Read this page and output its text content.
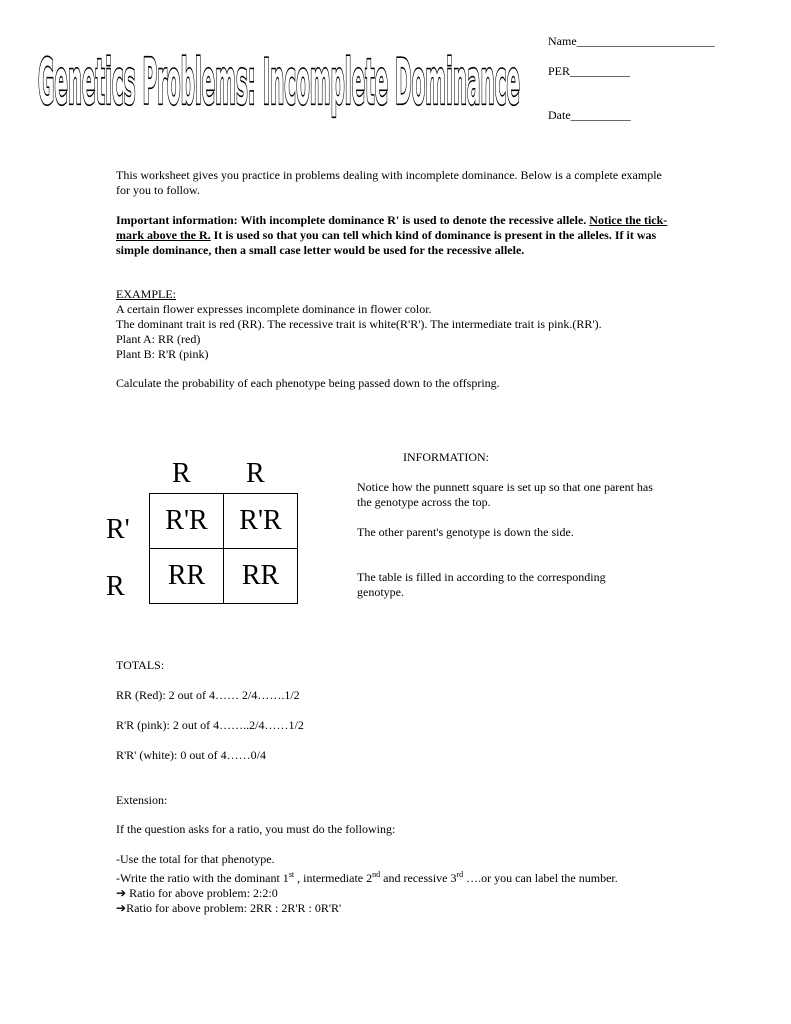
Name_______________________
PER__________
Date__________
Genetics Problems: Incomplete Dominance
This worksheet gives you practice in problems dealing with incomplete dominance. Below is a complete example for you to follow.
Important information: With incomplete dominance R' is used to denote the recessive allele. Notice the tick-mark above the R. It is used so that you can tell which kind of dominance is present in the alleles. If it was simple dominance, then a small case letter would be used for the recessive allele.
EXAMPLE:
A certain flower expresses incomplete dominance in flower color.
The dominant trait is red (RR). The recessive trait is white(R'R'). The intermediate trait is pink.(RR').
Plant A: RR (red)
Plant B: R'R (pink)
Calculate the probability of each phenotype being passed down to the offspring.
R R
R'
R
R'R	R'R
RR	RR
INFORMATION:
Notice how the punnett square is set up so that one parent has the genotype across the top.
The other parent's genotype is down the side.
The table is filled in according to the corresponding genotype.
TOTALS:
RR (Red): 2 out of 4…… 2/4…….1/2
R'R (pink): 2 out of 4……..2/4……1/2
R'R' (white): 0 out of 4……0/4
Extension:
If the question asks for a ratio, you must do the following:
-Use the total for that phenotype.
-Write the ratio with the dominant 1st , intermediate 2nd and recessive 3rd ….or you can label the number.
➔ Ratio for above problem: 2:2:0
➔Ratio for above problem: 2RR : 2R'R : 0R'R'
